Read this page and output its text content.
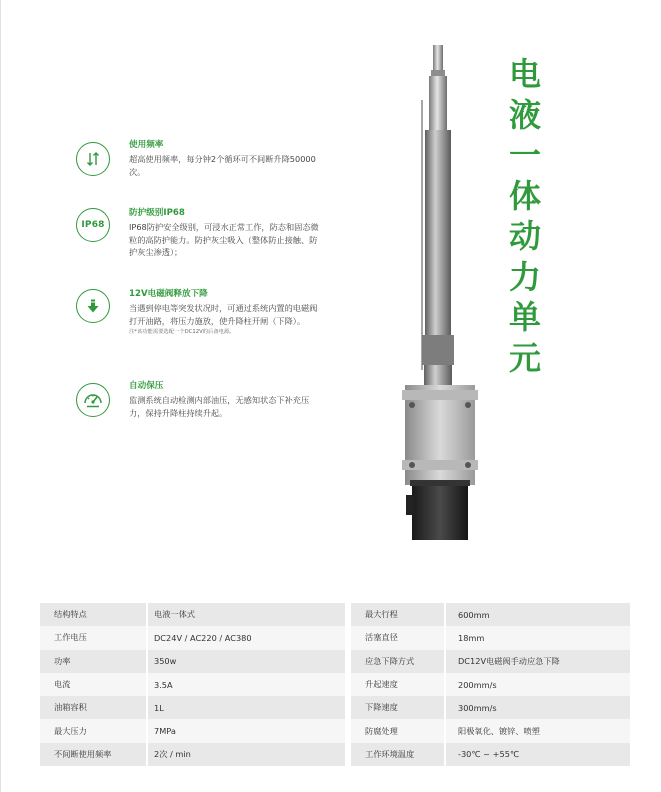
电
液
一
体
动
力
单
元
使用频率
超高使用频率，每分钟2个循环可不间断升降50000次。
IP68
防护级别IP68
IP68防护安全级别，可浸水正常工作，防态和固态微粒的高防护能力。防护灰尘吸入（整体防止接触、防护灰尘渗透）；
12V电磁阀释放下降
当遇到停电等突发状况时，可通过系统内置的电磁阀打开油路，将压力施放，使升降柱开闸（下降）。
注*该功能需要选配一个DC12V的后备电源。
自动保压
监测系统自动检测内部油压，无感知状态下补充压力，保持升降柱持续升起。
结构特点	电液一体式		最大行程	600mm
工作电压	DC24V / AC220 / AC380		活塞直径	18mm
功率	350w		应急下降方式	DC12V电磁阀手动应急下降
电流	3.5A		升起速度	200mm/s
油箱容积	1L		下降速度	300mm/s
最大压力	7MPa		防腐处理	阳极氧化、镀锌、喷塑
不间断使用频率	2次 / min		工作环境温度	-30℃ ~ +55℃
